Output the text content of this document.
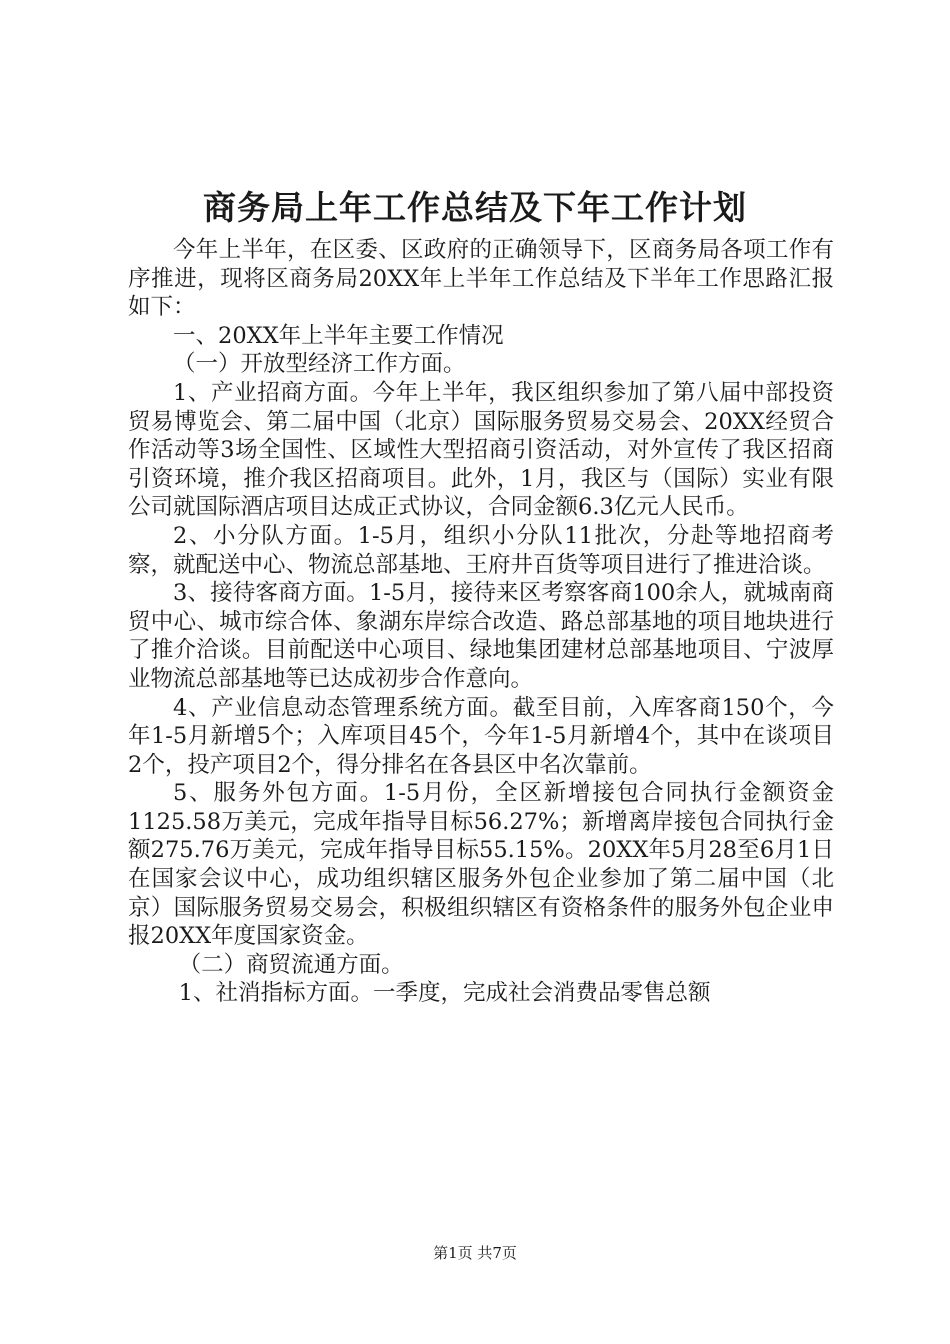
商务局上年工作总结及下年工作计划

今年上半年，在区委、区政府的正确领导下，区商务局各项工作有序推进，现将区商务局20XX年上半年工作总结及下半年工作思路汇报如下：

一、20XX年上半年主要工作情况

（一）开放型经济工作方面。

1、产业招商方面。今年上半年，我区组织参加了第八届中部投资贸易博览会、第二届中国（北京）国际服务贸易交易会、20XX经贸合作活动等3场全国性、区域性大型招商引资活动，对外宣传了我区招商引资环境，推介我区招商项目。此外，1月，我区与（国际）实业有限公司就国际酒店项目达成正式协议，合同金额6.3亿元人民币。

2、小分队方面。1-5月，组织小分队11批次，分赴等地招商考察，就配送中心、物流总部基地、王府井百货等项目进行了推进洽谈。

3、接待客商方面。1-5月，接待来区考察客商100余人，就城南商贸中心、城市综合体、象湖东岸综合改造、路总部基地的项目地块进行了推介洽谈。目前配送中心项目、绿地集团建材总部基地项目、宁波厚业物流总部基地等已达成初步合作意向。

4、产业信息动态管理系统方面。截至目前，入库客商150个，今年1-5月新增5个；入库项目45个，今年1-5月新增4个，其中在谈项目2个，投产项目2个，得分排名在各县区中名次靠前。

5、服务外包方面。1-5月份，全区新增接包合同执行金额资金1125.58万美元，完成年指导目标56.27%；新增离岸接包合同执行金额275.76万美元，完成年指导目标55.15%。20XX年5月28至6月1日在国家会议中心，成功组织辖区服务外包企业参加了第二届中国（北京）国际服务贸易交易会，积极组织辖区有资格条件的服务外包企业申报20XX年度国家资金。

（二）商贸流通方面。

1、社消指标方面。一季度，完成社会消费品零售总额

第1页 共7页
